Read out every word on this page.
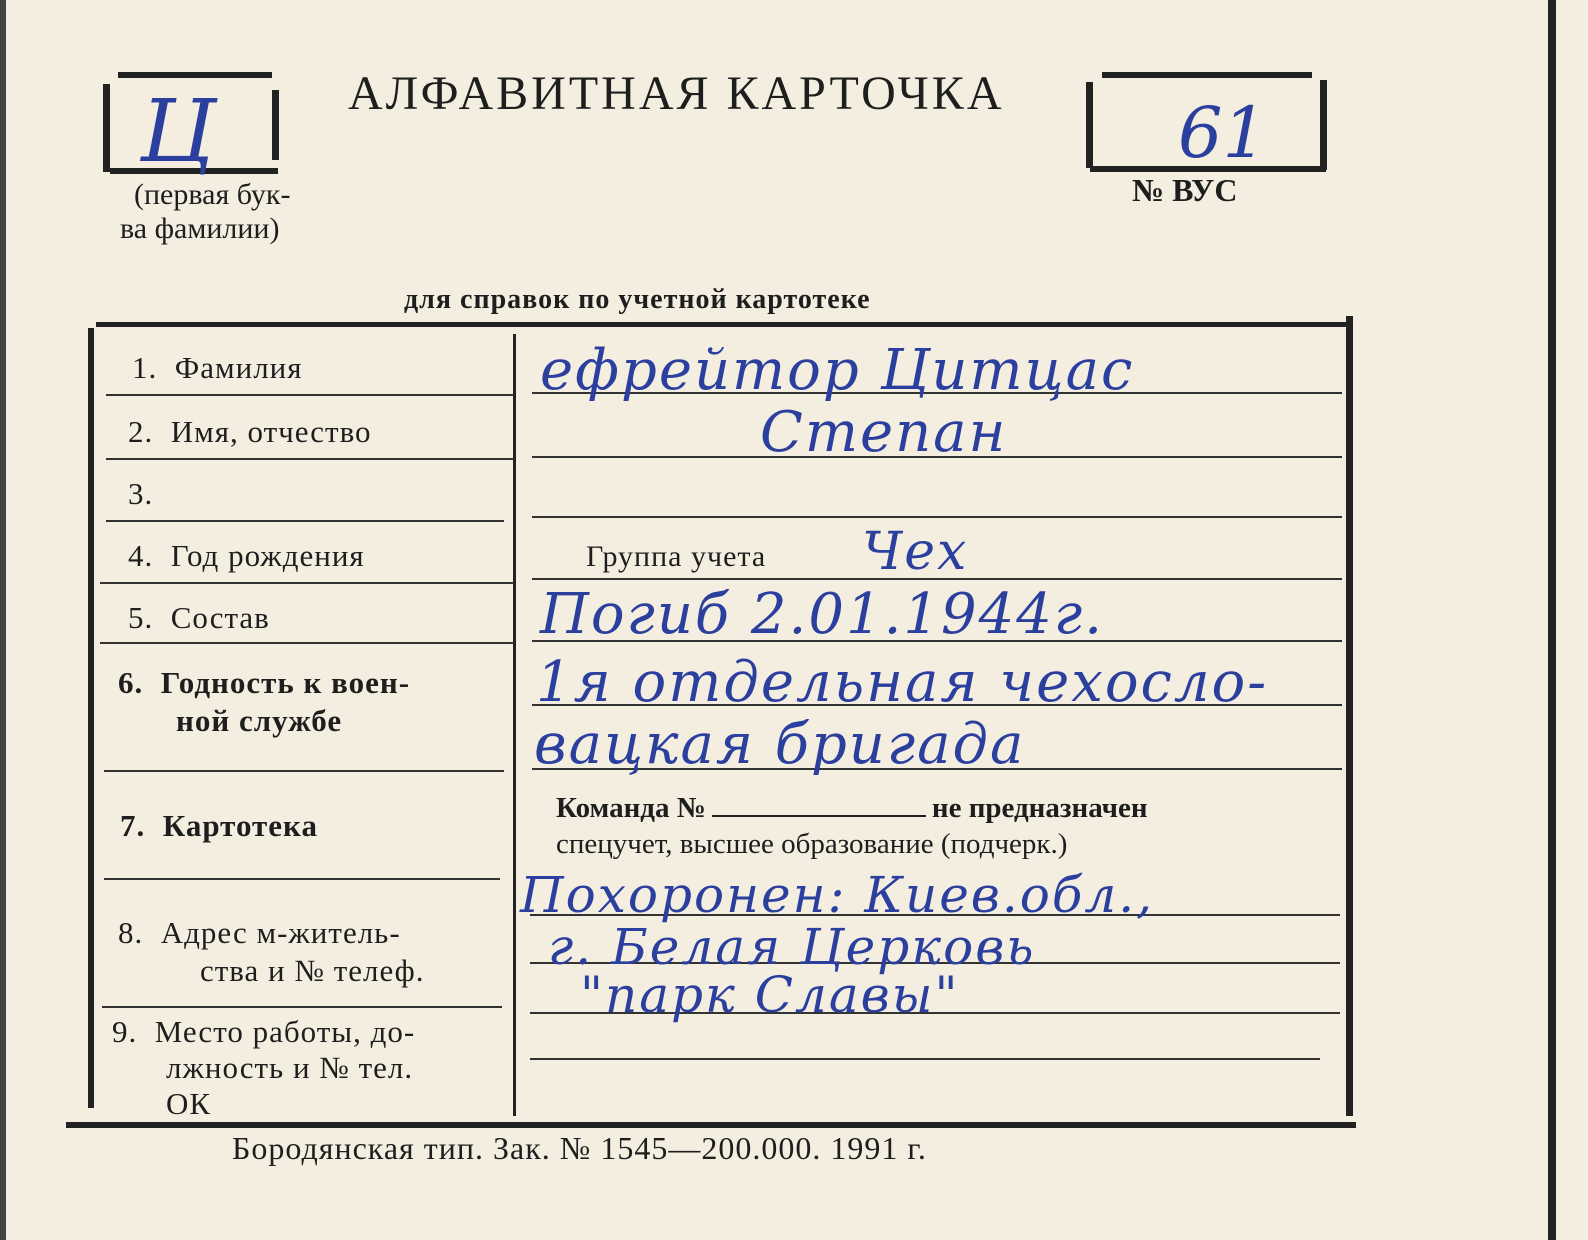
Ц
(первая бук-
ва фамилии)
АЛФАВИТНАЯ КАРТОЧКА 61
№ ВУС
для справок по учетной картотеке
1. Фамилия
2. Имя, отчество
3.
4. Год рождения
5. Состав
6. Годность к воен-
ной службе
7. Картотека
8. Адрес м-житель-
ства и № телеф.
9. Место работы, до-
лжность и № тел.
ОК
Группа учета
Команда №	не предназначен
спецучет, высшее образование (подчерк.)
ефрейтор Цитцас
Степан
Чех
Погиб 2.01.1944г.
1я отдельная чехосло-
вацкая бригада
Похоронен: Киев.обл.,
г. Белая Церковь
"парк Славы"
Бородянская тип. Зак. № 1545—200.000. 1991 г.
